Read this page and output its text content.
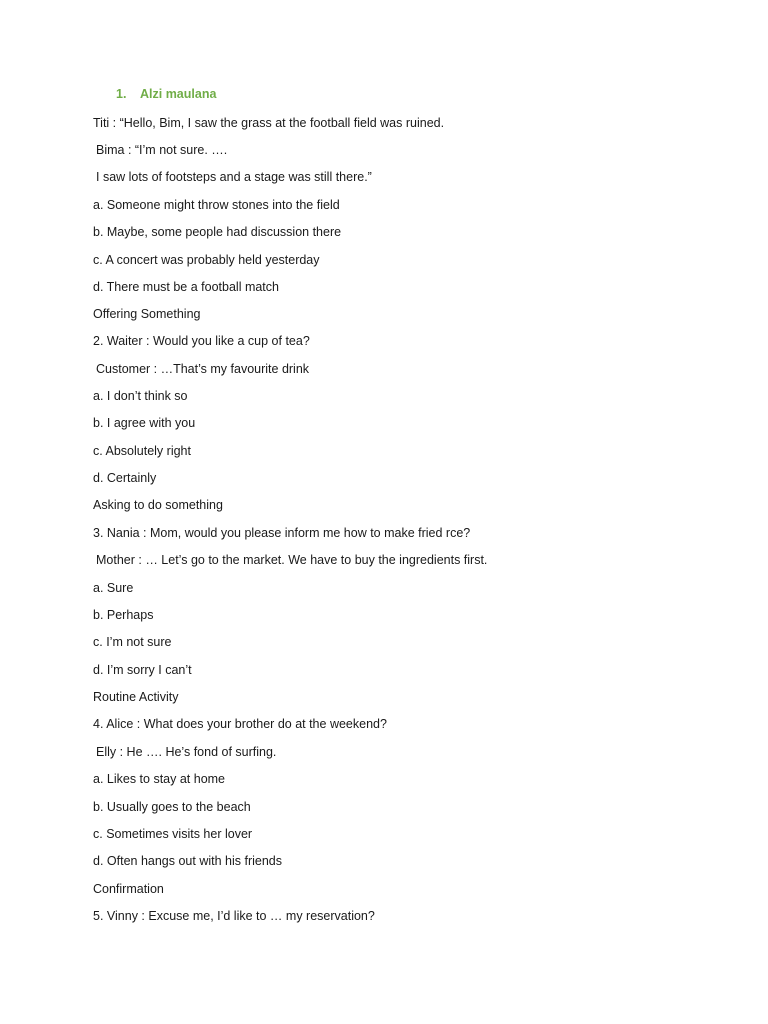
1. Alzi maulana
Titi : “Hello, Bim, I saw the grass at the football field was ruined.
Bima : “I’m not sure. ….
I saw lots of footsteps and a stage was still there.”
a. Someone might throw stones into the field
b. Maybe, some people had discussion there
c. A concert was probably held yesterday
d. There must be a football match
Offering Something
2. Waiter : Would you like a cup of tea?
Customer : …That’s my favourite drink
a. I don’t think so
b. I agree with you
c. Absolutely right
d. Certainly
Asking to do something
3. Nania : Mom, would you please inform me how to make fried rce?
Mother : … Let’s go to the market. We have to buy the ingredients first.
a. Sure
b. Perhaps
c. I’m not sure
d. I’m sorry I can’t
Routine Activity
4. Alice : What does your brother do at the weekend?
Elly : He …. He’s fond of surfing.
a. Likes to stay at home
b. Usually goes to the beach
c. Sometimes visits her lover
d. Often hangs out with his friends
Confirmation
5. Vinny : Excuse me, I’d like to … my reservation?
